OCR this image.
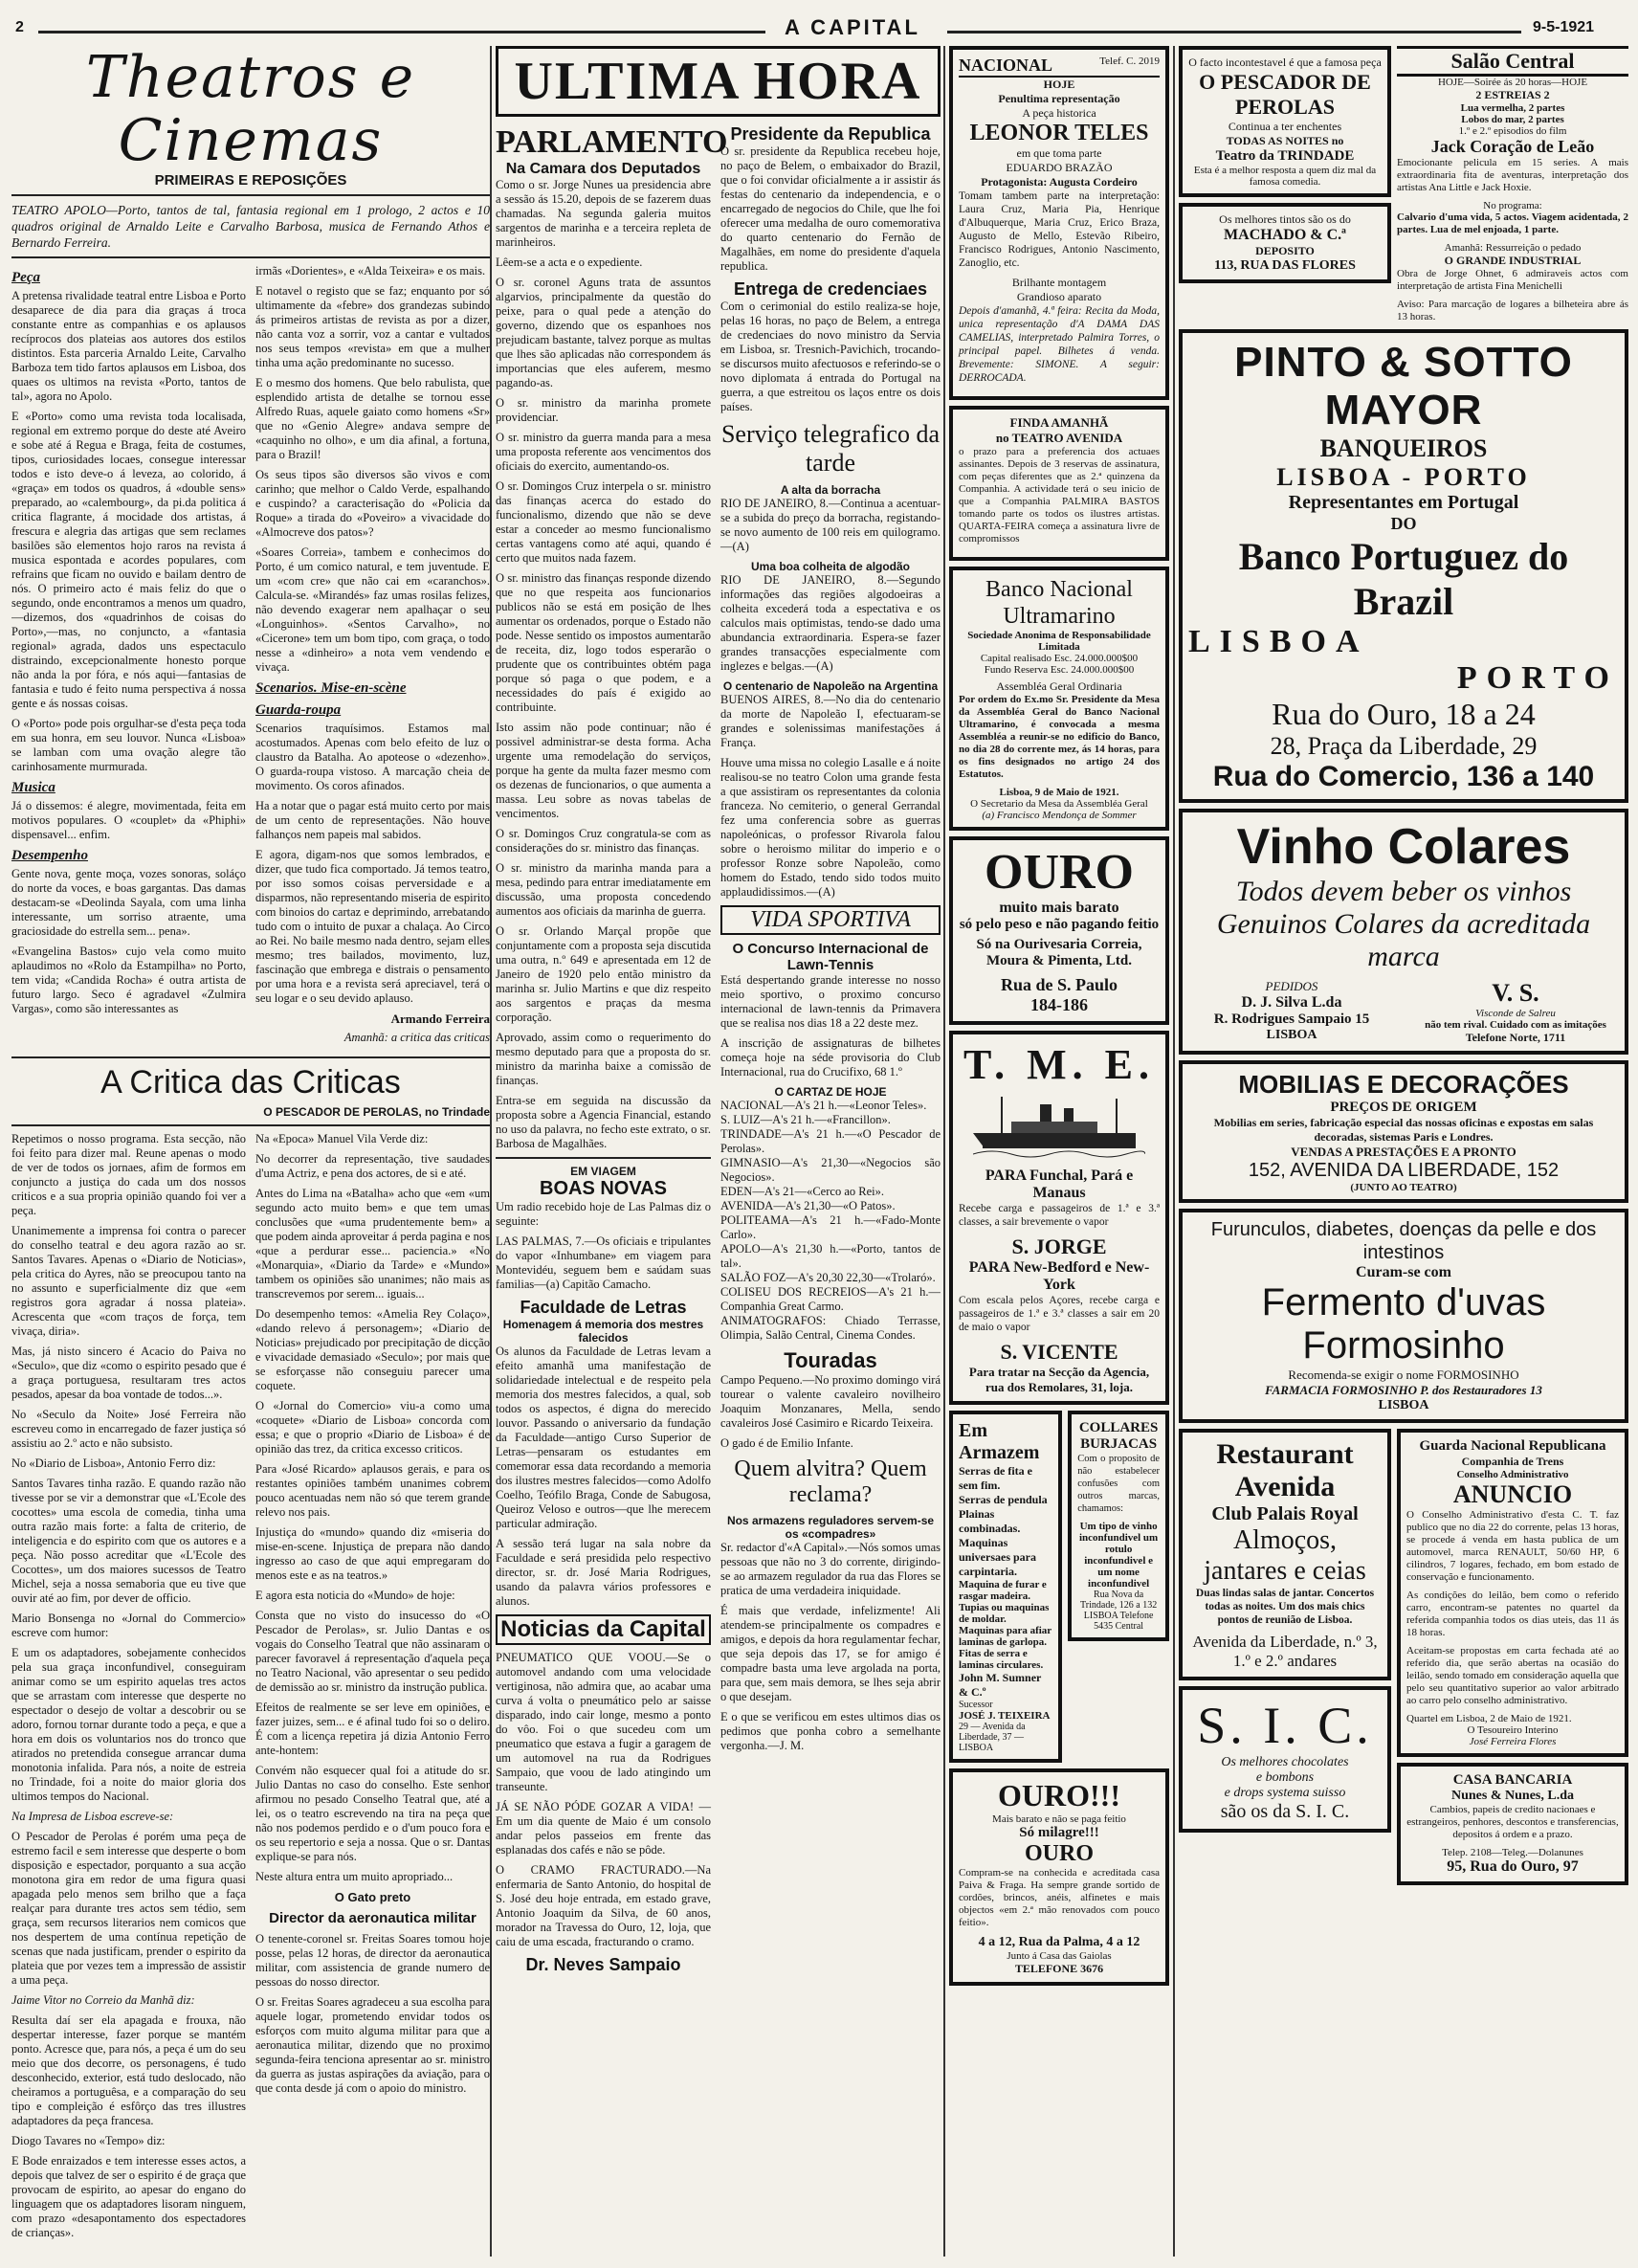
2	A CAPITAL	9-5-1921
Theatros e Cinemas
PRIMEIRAS E REPOSIÇÕES

TEATRO APOLO—Porto, tantos de tal, fantasia regional em 1 prologo, 2 actos e 10 quadros original de Arnaldo Leite e Carvalho Barbosa, musica de Fernando Athos e Bernardo Ferreira.

Peça

A pretensa rivalidade teatral entre Lisboa e Porto desaparece de dia para dia graças á troca constante entre as companhias e os aplausos recíprocos dos plateias aos autores dos estilos distintos. Esta parceria Arnaldo Leite, Carvalho Barboza tem tido fartos aplausos em Lisboa, dos quaes os ultimos na revista «Porto, tantos de tal», agora no Apolo.

E «Porto» como uma revista toda localisada, regional em extremo porque do deste até Aveiro e sobe até á Regua e Braga, feita de costumes, tipos, curiosidades locaes, consegue interessar todos e isto deve-o á leveza, ao colorido, á «graça» em todos os quadros, á «double sens» preparado, ao «calembourg», da pi.da politica á critica flagrante, á mocidade dos artistas, á frescura e alegria das artigas que sem reclames basilões são elementos hojo raros na revista á musica espontada e acordes populares, com refrains que ficam no ouvido e bailam dentro de nós. O primeiro acto é mais feliz do que o segundo, onde encontramos a menos um quadro,—dizemos, dos «quadrinhos de coisas do Porto»,—mas, no conjuncto, a «fantasia regional» agrada, dados uns espectaculo distraindo, excepcionalmente honesto porque não anda la por fóra, e nós aqui—fantasias de fantasia e tudo é feito numa perspectiva á nossa gente e ás nossas coisas.

O «Porto» pode pois orgulhar-se d'esta peça toda em sua honra, em seu louvor. Nunca «Lisboa» se lamban com uma ovação alegre tão carinhosamente murmurada.

Musica

Já o dissemos: é alegre, movimentada, feita em motivos populares. O «couplet» da «Phiphi» dispensavel... enfim.

Desempenho

Gente nova, gente moça, vozes sonoras, soláço do norte da voces, e boas gargantas. Das damas destacam-se «Deolinda Sayala, com uma linha interessante, um sorriso atraente, uma graciosidade do estrella sem... pena».

«Evangelina Bastos» cujo vela como muito aplaudimos no «Rolo da Estampilha» no Porto, tem vida; «Candida Rocha» é outra artista de futuro largo. Seco é agradavel «Zulmira Vargas», como são interessantes as

irmãs «Dorientes», e «Alda Teixeira» e os mais.

E notavel o registo que se faz; enquanto por só ultimamente da «febre» dos grandezas subindo ás primeiros artistas de revista as por a dizer, não canta voz a sorrir, voz a cantar e vultados nos seus tempos «revista» em que a mulher tinha uma ação predominante no sucesso.

E o mesmo dos homens. Que belo rabulista, que esplendido artista de detalhe se tornou esse Alfredo Ruas, aquele gaiato como homens «Sr» que no «Genio Alegre» andava sempre de «caquinho no olho», e um dia afinal, a fortuna, para o Brazil!

Os seus tipos são diversos são vivos e com carinho; que melhor o Caldo Verde, espalhando e cuspindo? a caracterisação do «Policia da Roque» a tirada do «Poveiro» a vivacidade do «Almocreve dos patos»?

«Soares Correia», tambem e conhecimos do Porto, é um comico natural, e tem juventude. E um «com cre» que não cai em «caranchos». Calcula-se. «Mirandés» faz umas rosilas felizes, não devendo exagerar nem apalhaçar o seu «Longuinhos». «Sentos Carvalho», no «Cicerone» tem um bom tipo, com graça, o todo nesse a «dinheiro» a nota vem vendendo e vivaça.

Scenarios. Mise-en-scène
Guarda-roupa

Scenarios traquísimos. Estamos mal acostumados. Apenas com belo efeito de luz o claustro da Batalha. Ao apoteose o «dezenho». O guarda-roupa vistoso. A marcação cheia de movimento. Os coros afinados.

Ha a notar que o pagar está muito certo por mais de um cento de representações. Não houve falhanços nem papeis mal sabidos.

E agora, digam-nos que somos lembrados, e dizer, que tudo fica comportado. Já temos teatro, por isso somos coisas perversidade e a disparmos, não representando miseria de espirito com binoios do cartaz e deprimindo, arrebatando tudo com o intuito de puxar a chalaça. Ao Circo ao Rei. No baile mesmo nada dentro, sejam elles mesmo; tres bailados, movimento, luz, fascinação que embrega e distrais o pensamento por uma hora e a revista será apreciavel, terá o seu logar e o seu devido aplauso.

Armando Ferreira
Amanhã: a critica das criticas
A Critica das Criticas
O PESCADOR DE PEROLAS, no Trindade

Repetimos o nosso programa. Esta secção, não foi feito para dizer mal. Reune apenas o modo de ver de todos os jornaes, afim de formos em conjuncto a justiça do cada um dos nossos criticos e a sua propria opinião quando foi ver a peça.

Unanimemente a imprensa foi contra o parecer do conselho teatral e deu agora razão ao sr. Santos Tavares. Apenas o «Diario de Noticias», pela critica do Ayres, não se preocupou tanto na no assunto e superficialmente diz que «em registros gora agradar á nossa plateia». Acrescenta que «com traços de força, tem vivaça, diria».

Mas, já nisto sincero é Acacio do Paiva no «Seculo», que diz «como o espirito pesado que é a graça portuguesa, resultaram tres actos pesados, apesar da boa vontade de todos...».

No «Seculo da Noite» José Ferreira não escreveu como in encarregado de fazer justiça só assistiu ao 2.º acto e não subsisto.

No «Diario de Lisboa», Antonio Ferro diz:

Santos Tavares tinha razão. E quando razão não tivesse por se vir a demonstrar que «L'Ecole des cocottes» uma escola de comedia, tinha uma outra razão mais forte: a falta de criterio, de inteligencia e do espirito com que os autores e a peça. Não posso acreditar que «L'Ecole des Cocottes», um dos maiores sucessos de Teatro Michel, seja a nossa semaboria que eu tive que ouvir até ao fim, por dever de officio.

Mario Bonsenga no «Jornal do Commercio» escreve com humor:

E um os adaptadores, sobejamente conhecidos pela sua graça inconfundivel, conseguiram animar como se um espirito aquelas tres actos que se arrastam com interesse que desperte no espectador o desejo de voltar a descobrir ou se adoro, fornou tornar durante todo a peça, e que a hora em dois os voluntarios nos do tronco que atirados no pretendida consegue arrancar duma monotonia infalida. Para nós, a noite de estreia no Trindade, foi a noite do maior gloria dos ultimos tempos do Nacional.

Na Impresa de Lisboa escreve-se:

O Pescador de Perolas é porém uma peça de estremo facil e sem interesse que desperte o bom disposição e espectador, porquanto a sua acção monotona gira em redor de uma figura quasi apagada pelo menos sem brilho que a faça realçar para durante tres actos sem tédio, sem graça, sem recursos literarios nem comicos que nos despertem de uma contínua repetição de scenas que nada justificam, prender o espirito da plateia que por vezes tem a impressão de assistir a uma peça.

Jaime Vitor no Correio da Manhã diz:

Resulta daí ser ela apagada e frouxa, não despertar interesse, fazer porque se mantém ponto. Acresce que, para nós, a peça é um do seu meio que dos decorre, os personagens, é tudo desconhecido, exterior, está tudo deslocado, não cheiramos a portuguêsa, e a comparação do seu tipo e compleição é esfôrço das tres illustres adaptadores da peça francesa.

Diogo Tavares no «Tempo» diz:

E Bode enraizados e tem interesse esses actos, a depois que talvez de ser o espirito é de graça que provocam de espirito, ao apesar do engano do linguagem que os adaptadores lisoram ninguem, com prazo «desapontamento dos espectadores de crianças».

Na «Epoca» Manuel Vila Verde diz:

No decorrer da representação, tive saudades d'uma Actriz, e pena dos actores, de si e até.

Antes do Lima na «Batalha» acho que «em «um segundo acto muito bem» e que tem umas conclusões que «uma prudentemente bem» a que podem ainda aproveitar á perda pagina e nos «que a perdurar esse... paciencia.» «No «Monarquia», «Diario da Tarde» e «Mundo» tambem os opiniões são unanimes; não mais as transcrevemos por serem... iguais...

Do desempenho temos: «Amelia Rey Colaço», «dando relevo á personagem»; «Diario de Noticias» prejudicado por precipitação de dicção e vivacidade demasiado «Seculo»; por mais que se esforçasse não conseguiu parecer uma coquete.

O «Jornal do Comercio» viu-a como uma «coquete» «Diario de Lisboa» concorda com essa; e que o proprio «Diario de Lisboa» é de opinião das trez, da critica excesso criticos.

Para «José Ricardo» aplausos gerais, e para os restantes opiniões também unanimes cobrem pouco acentuadas nem não só que terem grande relevo nos pais.

Injustiça do «mundo» quando diz «miseria do mise-en-scene. Injustiça de prepara não dando ingresso ao caso de que aqui empregaram do menos este e as na teatros.»

E agora esta noticia do «Mundo» de hoje:

Consta que no visto do insucesso do «O Pescador de Perolas», sr. Julio Dantas e os vogais do Conselho Teatral que não assinaram o parecer favoravel á representação d'aquela peça no Teatro Nacional, vão apresentar o seu pedido de demissão ao sr. ministro da instrução publica.

Efeitos de realmente se ser leve em opiniões, e fazer juizes, sem... e é afinal tudo foi so o deliro. É com a licença repetira já dizia Antonio Ferro ante-hontem:

Convém não esquecer qual foi a atitude do sr. Julio Dantas no caso do conselho. Este senhor afirmou no pesado Conselho Teatral que, até a lei, os o teatro escrevendo na tira na peça que não nos podemos perdido e o d'um pouco fora e os seu repertorio e seja a nossa. Que o sr. Dantas explique-se para nós.

Neste altura entra um muito apropriado...

O Gato preto
Director da aeronautica militar

O tenente-coronel sr. Freitas Soares tomou hoje posse, pelas 12 horas, de director da aeronautica militar, com assistencia de grande numero de pessoas do nosso director.

O sr. Freitas Soares agradeceu a sua escolha para aquele logar, prometendo envidar todos os esforços com muito alguma militar para que a aeronautica militar, dizendo que no proximo segunda-feira tenciona apresentar ao sr. ministro da guerra as justas aspirações da aviação, para o que conta desde já com o apoio do ministro.

ULTIMA HORA
PARLAMENTO
Na Camara dos Deputados

Como o sr. Jorge Nunes ua presidencia abre a sessão ás 15.20, depois de se fazerem duas chamadas. Na segunda galeria muitos sargentos de marinha e a terceira repleta de marinheiros.

Lêem-se a acta e o expediente.

O sr. coronel Aguns trata de assuntos algarvios, principalmente da questão do peixe, para o qual pede a atenção do governo, dizendo que os espanhoes nos prejudicam bastante, talvez porque as multas que lhes são aplicadas não correspondem ás importancias que eles auferem, mesmo pagando-as.

O sr. ministro da marinha promete providenciar.

O sr. ministro da guerra manda para a mesa uma proposta referente aos vencimentos dos oficiais do exercito, aumentando-os.

O sr. Domingos Cruz interpela o sr. ministro das finanças acerca do estado do funcionalismo, dizendo que não se deve estar a conceder ao mesmo funcionalismo certas vantagens como até aqui, quando é certo que muitos nada fazem.

O sr. ministro das finanças responde dizendo que no que respeita aos funcionarios publicos não se está em posição de lhes aumentar os ordenados, porque o Estado não pode. Nesse sentido os impostos aumentarão de receita, diz, logo todos esperarão o prudente que os contribuintes obtém paga porque só paga o que podem, e a necessidades do país é exigido ao contribuinte.

Isto assim não pode continuar; não é possivel administrar-se desta forma. Acha urgente uma remodelação do serviços, porque ha gente da multa fazer mesmo com os dezenas de funcionarios, o que aumenta a massa. Leu sobre as novas tabelas de vencimentos.

O sr. Domingos Cruz congratula-se com as considerações do sr. ministro das finanças.

O sr. ministro da marinha manda para a mesa, pedindo para entrar imediatamente em discussão, uma proposta concedendo aumentos aos oficiais da marinha de guerra.

O sr. Orlando Marçal propõe que conjuntamente com a proposta seja discutida uma outra, n.º 649 e apresentada em 12 de Janeiro de 1920 pelo então ministro da marinha sr. Julio Martins e que diz respeito aos sargentos e praças da mesma corporação.

Aprovado, assim como o requerimento do mesmo deputado para que a proposta do sr. ministro da marinha baixe a comissão de finanças.

Entra-se em seguida na discussão da proposta sobre a Agencia Financial, estando no uso da palavra, no fecho este extrato, o sr. Barbosa de Magalhães.

EM VIAGEM
BOAS NOVAS

Um radio recebido hoje de Las Palmas diz o seguinte:

LAS PALMAS, 7.—Os oficiais e tripulantes do vapor «Inhumbane» em viagem para Montevidéu, seguem bem e saúdam suas familias—(a) Capitão Camacho.

Faculdade de Letras
Homenagem á memoria dos mestres falecidos

Os alunos da Faculdade de Letras levam a efeito amanhã uma manifestação de solidariedade intelectual e de respeito pela memoria dos mestres falecidos, a qual, sob todos os aspectos, é digna do merecido louvor. Passando o aniversario da fundação da Faculdade—antigo Curso Superior de Letras—pensaram os estudantes em comemorar essa data recordando a memoria dos ilustres mestres falecidos—como Adolfo Coelho, Teófilo Braga, Conde de Sabugosa, Queiroz Veloso e outros—que lhe merecem particular admiração.

A sessão terá lugar na sala nobre da Faculdade e será presidida pelo respectivo director, sr. dr. José Maria Rodrigues, usando da palavra vários professores e alunos.

Noticias da Capital

PNEUMATICO QUE VOOU.—Se o automovel andando com uma velocidade vertiginosa, não admira que, ao acabar uma curva á volta o pneumático pelo ar saisse disparado, indo cair longe, mesmo a ponto do vôo. Foi o que sucedeu com um pneumatico que estava a fugir a garagem de um automovel na rua da Rodrigues Sampaio, que voou de lado atingindo um transeunte.

JÁ SE NÃO PÓDE GOZAR A VIDA! —Em um dia quente de Maio é um consolo andar pelos passeios em frente das esplanadas dos cafés e não se pôde.

O CRAMO FRACTURADO.—Na enfermaria de Santo Antonio, do hospital de S. José deu hoje entrada, em estado grave, Antonio Joaquim da Silva, de 60 anos, morador na Travessa do Ouro, 12, loja, que caiu de uma escada, fracturando o cramo.

Dr. Neves Sampaio
Presidente da Republica

O sr. presidente da Republica recebeu hoje, no paço de Belem, o embaixador do Brazil, que o foi convidar oficialmente a ir assistir ás festas do centenario da independencia, e o encarregado de negocios do Chile, que lhe foi oferecer uma medalha de ouro comemorativa do quarto centenario do Fernão de Magalhães, em nome do presidente d'aquela republica.

Entrega de credenciaes

Com o cerimonial do estilo realiza-se hoje, pelas 16 horas, no paço de Belem, a entrega de credenciaes do novo ministro da Servia em Lisboa, sr. Tresnich-Pavichich, trocando-se discursos muito afectuosos e referindo-se o novo diplomata á entrada do Portugal na guerra, a que estreitou os laços entre os dois países.

Serviço telegrafico da tarde
A alta da borracha

RIO DE JANEIRO, 8.—Continua a acentuar-se a subida do preço da borracha, registando-se novo aumento de 100 reis em quilogramo.—(A)

Uma boa colheita de algodão

RIO DE JANEIRO, 8.—Segundo informações das regiões algodoeiras a colheita excederá toda a espectativa e os calculos mais optimistas, tendo-se dado uma abundancia extraordinaria. Espera-se fazer grandes transacções especialmente com inglezes e belgas.—(A)

O centenario de Napoleão na Argentina

BUENOS AIRES, 8.—No dia do centenario da morte de Napoleão I, efectuaram-se grandes e solenissimas manifestações á França.

Houve uma missa no colegio Lasalle e á noite realisou-se no teatro Colon uma grande festa a que assistiram os representantes da colonia franceza. No cemiterio, o general Gerrandal fez uma conferencia sobre as guerras napoleónicas, o professor Rivarola falou sobre o heroismo militar do imperio e o professor Ronze sobre Napoleão, como homem do Estado, tendo sido todos muito applaudidissimos.—(A)

VIDA SPORTIVA
O Concurso Internacional de Lawn-Tennis

Está despertando grande interesse no nosso meio sportivo, o proximo concurso internacional de lawn-tennis da Primavera que se realisa nos dias 18 a 22 deste mez.

A inscrição de assignaturas de bilhetes começa hoje na séde provisoria do Club Internacional, rua do Crucifixo, 68 1.º

O CARTAZ DE HOJE
NACIONAL—A's 21 h.—«Leonor Teles».
S. LUIZ—A's 21 h.—«Francillon».
TRINDADE—A's 21 h.—«O Pescador de Perolas».
GIMNASIO—A's 21,30—«Negocios são Negocios».
EDEN—A's 21—«Cerco ao Rei».
AVENIDA—A's 21,30—«O Patos».
POLITEAMA—A's 21 h.—«Fado-Monte Carlo».
APOLO—A's 21,30 h.—«Porto, tantos de tal».
SALÃO FOZ—A's 20,30 22,30—«Trolaró».
COLISEU DOS RECREIOS—A's 21 h.—Companhia Great Carmo.
ANIMATOGRAFOS: Chiado Terrasse, Olimpia, Salão Central, Cinema Condes.
Touradas

Campo Pequeno.—No proximo domingo virá tourear o valente cavaleiro novilheiro Joaquim Monzanares, Mella, sendo cavaleiros José Casimiro e Ricardo Teixeira.

O gado é de Emilio Infante.

Quem alvitra? Quem reclama?
Nos armazens reguladores servem-se os «compadres»

Sr. redactor d'«A Capital».—Nós somos umas pessoas que não no 3 do corrente, dirigindo-se ao armazem regulador da rua das Flores se pratica de uma verdadeira iniquidade.

É mais que verdade, infelizmente! Ali atendem-se principalmente os compadres e amigos, e depois da hora regulamentar fechar, que seja depois das 17, se for amigo é compadre basta uma leve argolada na porta, para que, sem mais demora, se lhes seja abrir o que desejam.

E o que se verificou em estes ultimos dias os pedimos que ponha cobro a semelhante vergonha.—J. M.

NACIONAL	Telef. C. 2019
HOJE
Penultima representação
A peça historica
LEONOR TELES
em que toma parte
EDUARDO BRAZÃO
Protagonista: Augusta Cordeiro

Tomam tambem parte na interpretação: Laura Cruz, Maria Pia, Henrique d'Albuquerque, Maria Cruz, Erico Braza, Augusto de Mello, Estevão Ribeiro, Francisco Rodrigues, Antonio Nascimento, Zanoglio, etc.

Brilhante montagem
Grandioso aparato

Depois d'amanhã, 4.ª feira: Recita da Moda, unica representação d'A DAMA DAS CAMELIAS, interpretado Palmira Torres, o principal papel. Bilhetes á venda. Brevemente: SIMONE. A seguir: DERROCADA.

FINDA AMANHÃ
no TEATRO AVENIDA

o prazo para a preferencia dos actuaes assinantes. Depois de 3 reservas de assinatura, com peças diferentes que as 2.ª quinzena da Companhia. A actividade terá o seu inicio de que a Companhia PALMIRA BASTOS tomando parte os todos os ilustres artistas. QUARTA-FEIRA começa a assinatura livre de compromissos

Banco Nacional Ultramarino
Sociedade Anonima de Responsabilidade Limitada
Capital realisado Esc. 24.000.000$00
Fundo Reserva Esc. 24.000.000$00
Assembléa Geral Ordinaria

Por ordem do Ex.mo Sr. Presidente da Mesa da Assembléa Geral do Banco Nacional Ultramarino, é convocada a mesma Assembléa a reunir-se no edificio do Banco, no dia 28 do corrente mez, ás 14 horas, para os fins designados no artigo 24 dos Estatutos.

Lisboa, 9 de Maio de 1921.
O Secretario da Mesa da Assembléa Geral
(a) Francisco Mendonça de Sommer
OURO
muito mais barato
só pelo peso e não pagando feitio
Só na Ourivesaria Correia, Moura & Pimenta, Ltd.
Rua de S. Paulo
184-186
T. M. E.
PARA Funchal, Pará e Manaus

Recebe carga e passageiros de 1.ª e 3.ª classes, a sair brevemente o vapor

S. JORGE
PARA New-Bedford e New-York

Com escala pelos Açores, recebe carga e passageiros de 1.ª e 3.ª classes a sair em 20 de maio o vapor

S. VICENTE
Para tratar na Secção da Agencia, rua dos Remolares, 31, loja.
Em Armazem
Serras de fita e sem fim.
Serras de pendula Plainas combinadas.
Maquinas universaes para carpintaria.
Maquina de furar e rasgar madeira.
Tupias ou maquinas de moldar.
Maquinas para afiar laminas de garlopa.
Fitas de serra e laminas circulares.
John M. Sumner & C.º
Sucessor
JOSÉ J. TEIXEIRA
29 — Avenida da Liberdade, 37 — LISBOA
COLLARES BURJACAS

Com o proposito de não estabelecer confusões com outros marcas, chamamos:

Um tipo de vinho inconfundivel um rotulo inconfundivel e um nome inconfundivel
Rua Nova da Trindade, 126 a 132
LISBOA Telefone 5435 Central
OURO!!!
Mais barato e não se paga feitio
Só milagre!!!
OURO

Compram-se na conhecida e acreditada casa Paiva & Fraga. Ha sempre grande sortido de cordões, brincos, anéis, alfinetes e mais objectos «em 2.ª mão renovados com pouco feitio».

4 a 12, Rua da Palma, 4 a 12
Junto á Casa das Gaiolas
TELEFONE 3676
O facto incontestavel é que a famosa peça
O PESCADOR DE PEROLAS
Continua a ter enchentes
TODAS AS NOITES no
Teatro da TRINDADE
Esta é a melhor resposta a quem diz mal da famosa comedia.
Os melhores tintos são os do
MACHADO & C.ª
DEPOSITO
113, RUA DAS FLORES
Salão Central
HOJE—Soirée ás 20 horas—HOJE
2 ESTREIAS 2
Lua vermelha, 2 partes
Lobos do mar, 2 partes
1.º e 2.º episodios do film
Jack Coração de Leão

Emocionante pelicula em 15 series. A mais extraordinaria fita de aventuras, interpretação dos artistas Ana Little e Jack Hoxie.

No programa:

Calvario d'uma vida, 5 actos. Viagem acidentada, 2 partes. Lua de mel enjoada, 1 parte.

Amanhã: Ressurreição o pedado
O GRANDE INDUSTRIAL

Obra de Jorge Ohnet, 6 admiraveis actos com interpretação de artista Fina Menichelli

Aviso: Para marcação de logares a bilheteira abre ás 13 horas.

PINTO & SOTTO MAYOR
BANQUEIROS
LISBOA - PORTO
Representantes em Portugal
DO
Banco Portuguez do Brazil
LISBOA
PORTO
Rua do Ouro, 18 a 24
28, Praça da Liberdade, 29
Rua do Comercio, 136 a 140
Vinho Colares
Todos devem beber os vinhos Genuinos Colares da acreditada marca
PEDIDOS
D. J. Silva L.da
R. Rodrigues Sampaio 15
LISBOA
V. S.
Visconde de Salreu
não tem rival. Cuidado com as imitações
Telefone Norte, 1711
MOBILIAS E DECORAÇÕES
PREÇOS DE ORIGEM
Mobilias em series, fabricação especial das nossas oficinas e expostas em salas decoradas, sistemas Paris e Londres.
VENDAS A PRESTAÇÕES E A PRONTO
152, AVENIDA DA LIBERDADE, 152
(JUNTO AO TEATRO)
Furunculos, diabetes, doenças da pelle e dos intestinos
Curam-se com
Fermento d'uvas Formosinho
Recomenda-se exigir o nome FORMOSINHO
FARMACIA FORMOSINHO P. dos Restauradores 13
LISBOA
Restaurant
Avenida
Club Palais Royal
Almoços, jantares e ceias

Duas lindas salas de jantar. Concertos todas as noites. Um dos mais chics pontos de reunião de Lisboa.

Avenida da Liberdade, n.º 3, 1.º e 2.º andares
S. I. C.
Os melhores chocolates
e bombons
e drops systema suisso
são os da S. I. C.
Guarda Nacional Republicana
Companhia de Trens
Conselho Administrativo
ANUNCIO

O Conselho Administrativo d'esta C. T. faz publico que no dia 22 do corrente, pelas 13 horas, se procede á venda em hasta publica de um automovel, marca RENAULT, 50/60 HP, 6 cilindros, 7 logares, fechado, em bom estado de conservação e funcionamento.

As condições do leilão, bem como o referido carro, encontram-se patentes no quartel da referida companhia todos os dias uteis, das 11 ás 18 horas.

Aceitam-se propostas em carta fechada até ao referido dia, que serão abertas na ocasião do leilão, sendo tomado em consideração aquella que pelo seu quantitativo superior ao valor arbitrado ao carro pelo conselho administrativo.

Quartel em Lisboa, 2 de Maio de 1921.
O Tesoureiro Interino
José Ferreira Flores
CASA BANCARIA
Nunes & Nunes, L.da

Cambios, papeis de credito nacionaes e estrangeiros, penhores, descontos e transferencias, depositos á ordem e a prazo.

Telep. 2108—Teleg.—Dolanunes
95, Rua do Ouro, 97
